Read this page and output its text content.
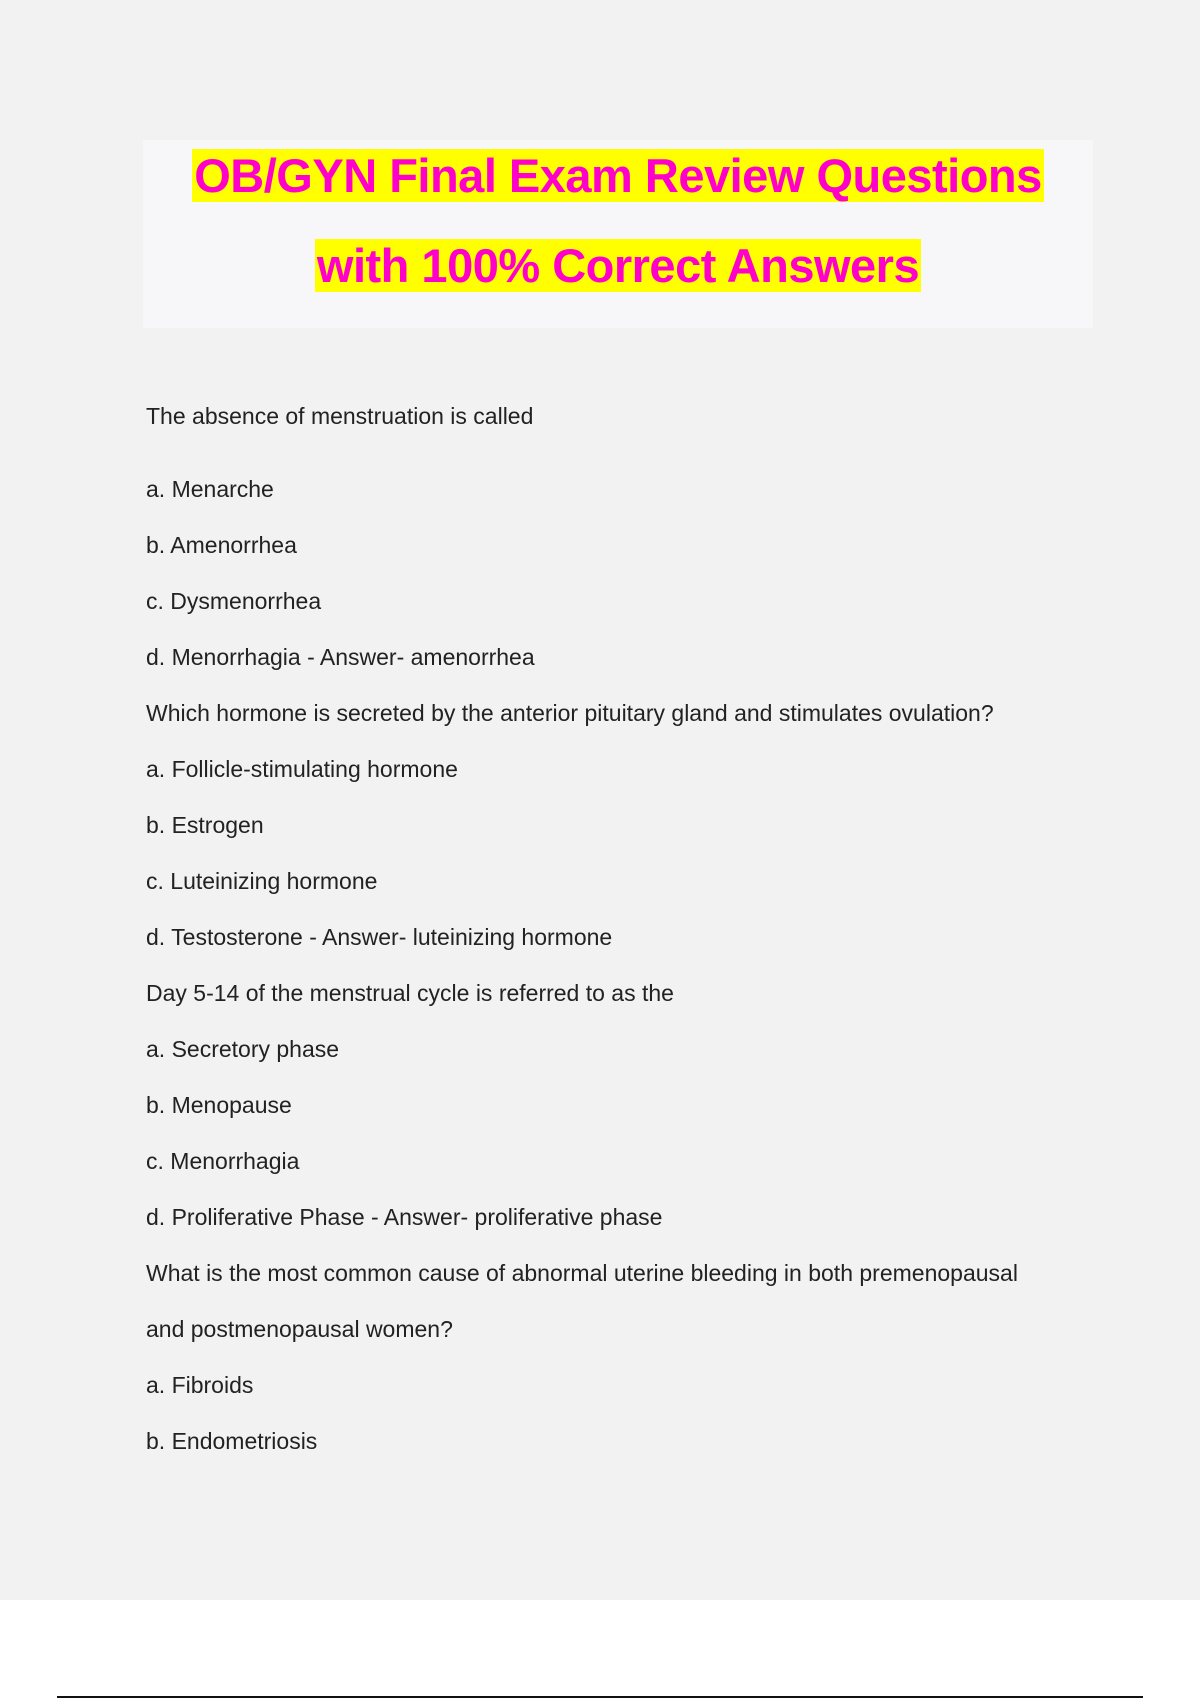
OB/GYN Final Exam Review Questions
with 100% Correct Answers
The absence of menstruation is called
a. Menarche
b. Amenorrhea
c. Dysmenorrhea
d. Menorrhagia - Answer- amenorrhea
Which hormone is secreted by the anterior pituitary gland and stimulates ovulation?
a. Follicle-stimulating hormone
b. Estrogen
c. Luteinizing hormone
d. Testosterone - Answer- luteinizing hormone
Day 5-14 of the menstrual cycle is referred to as the
a. Secretory phase
b. Menopause
c. Menorrhagia
d. Proliferative Phase - Answer- proliferative phase
What is the most common cause of abnormal uterine bleeding in both premenopausal
and postmenopausal women?
a. Fibroids
b. Endometriosis
